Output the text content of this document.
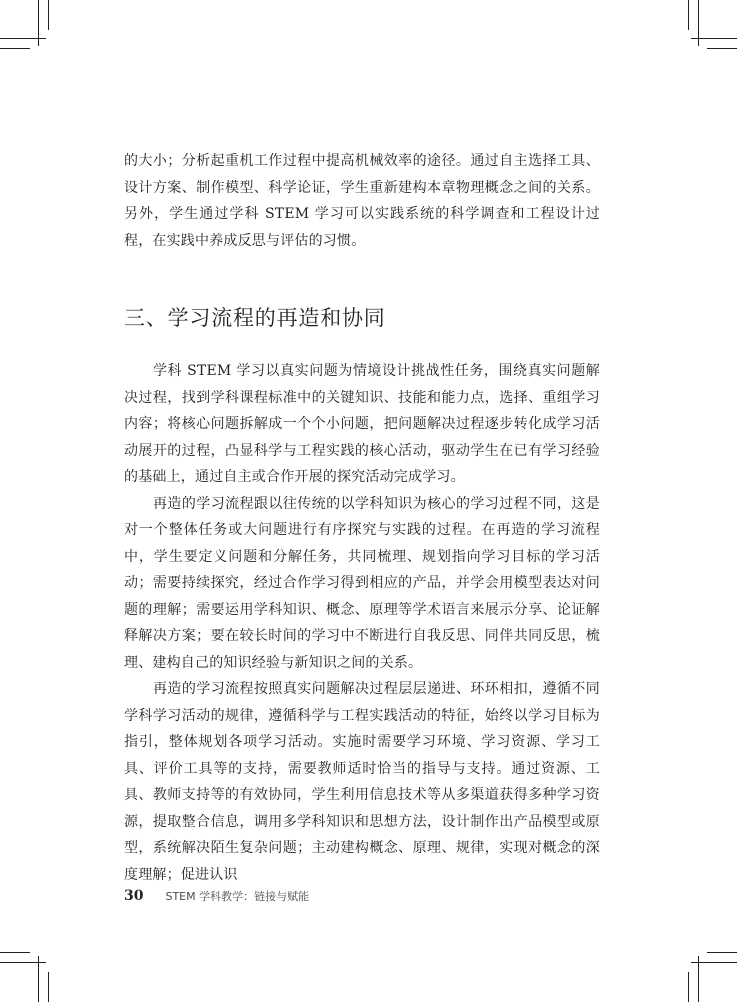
的大小；分析起重机工作过程中提高机械效率的途径。通过自主选择工具、设计方案、制作模型、科学论证，学生重新建构本章物理概念之间的关系。另外，学生通过学科 STEM 学习可以实践系统的科学调查和工程设计过程，在实践中养成反思与评估的习惯。

三、学习流程的再造和协同

学科 STEM 学习以真实问题为情境设计挑战性任务，围绕真实问题解决过程，找到学科课程标准中的关键知识、技能和能力点，选择、重组学习内容；将核心问题拆解成一个个小问题，把问题解决过程逐步转化成学习活动展开的过程，凸显科学与工程实践的核心活动，驱动学生在已有学习经验的基础上，通过自主或合作开展的探究活动完成学习。

再造的学习流程跟以往传统的以学科知识为核心的学习过程不同，这是对一个整体任务或大问题进行有序探究与实践的过程。在再造的学习流程中，学生要定义问题和分解任务，共同梳理、规划指向学习目标的学习活动；需要持续探究，经过合作学习得到相应的产品，并学会用模型表达对问题的理解；需要运用学科知识、概念、原理等学术语言来展示分享、论证解释解决方案；要在较长时间的学习中不断进行自我反思、同伴共同反思，梳理、建构自己的知识经验与新知识之间的关系。

再造的学习流程按照真实问题解决过程层层递进、环环相扣，遵循不同学科学习活动的规律，遵循科学与工程实践活动的特征，始终以学习目标为指引，整体规划各项学习活动。实施时需要学习环境、学习资源、学习工具、评价工具等的支持，需要教师适时恰当的指导与支持。通过资源、工具、教师支持等的有效协同，学生利用信息技术等从多渠道获得多种学习资源，提取整合信息，调用多学科知识和思想方法，设计制作出产品模型或原型，系统解决陌生复杂问题；主动建构概念、原理、规律，实现对概念的深度理解；促进认识

30 STEM 学科教学：链接与赋能
